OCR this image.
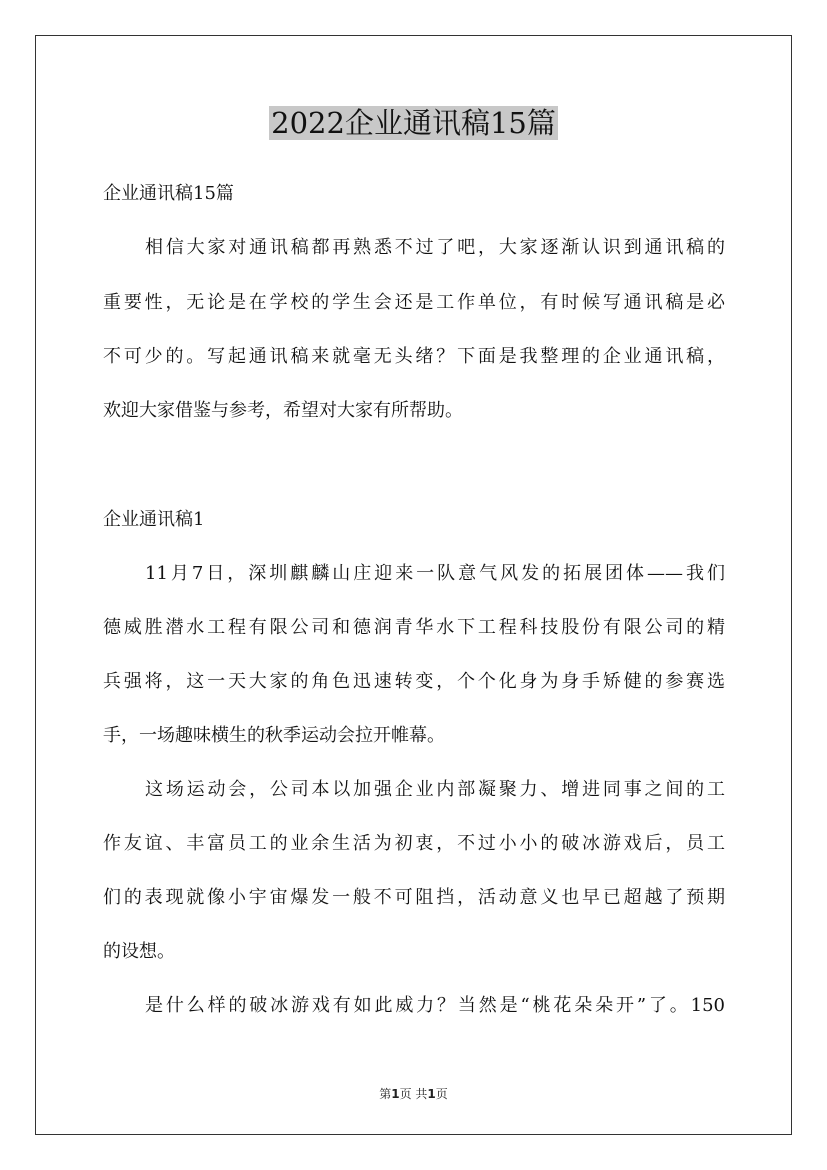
2022企业通讯稿15篇

企业通讯稿15篇

相信大家对通讯稿都再熟悉不过了吧，大家逐渐认识到通讯稿的

重要性，无论是在学校的学生会还是工作单位，有时候写通讯稿是必

不可少的。写起通讯稿来就毫无头绪？下面是我整理的企业通讯稿，

欢迎大家借鉴与参考，希望对大家有所帮助。

企业通讯稿1

11月7日，深圳麒麟山庄迎来一队意气风发的拓展团体——我们

德威胜潜水工程有限公司和德润青华水下工程科技股份有限公司的精

兵强将，这一天大家的角色迅速转变，个个化身为身手矫健的参赛选

手，一场趣味横生的秋季运动会拉开帷幕。

这场运动会，公司本以加强企业内部凝聚力、增进同事之间的工

作友谊、丰富员工的业余生活为初衷，不过小小的破冰游戏后，员工

们的表现就像小宇宙爆发一般不可阻挡，活动意义也早已超越了预期

的设想。

是什么样的破冰游戏有如此威力？当然是“桃花朵朵开”了。150

第1页 共1页
